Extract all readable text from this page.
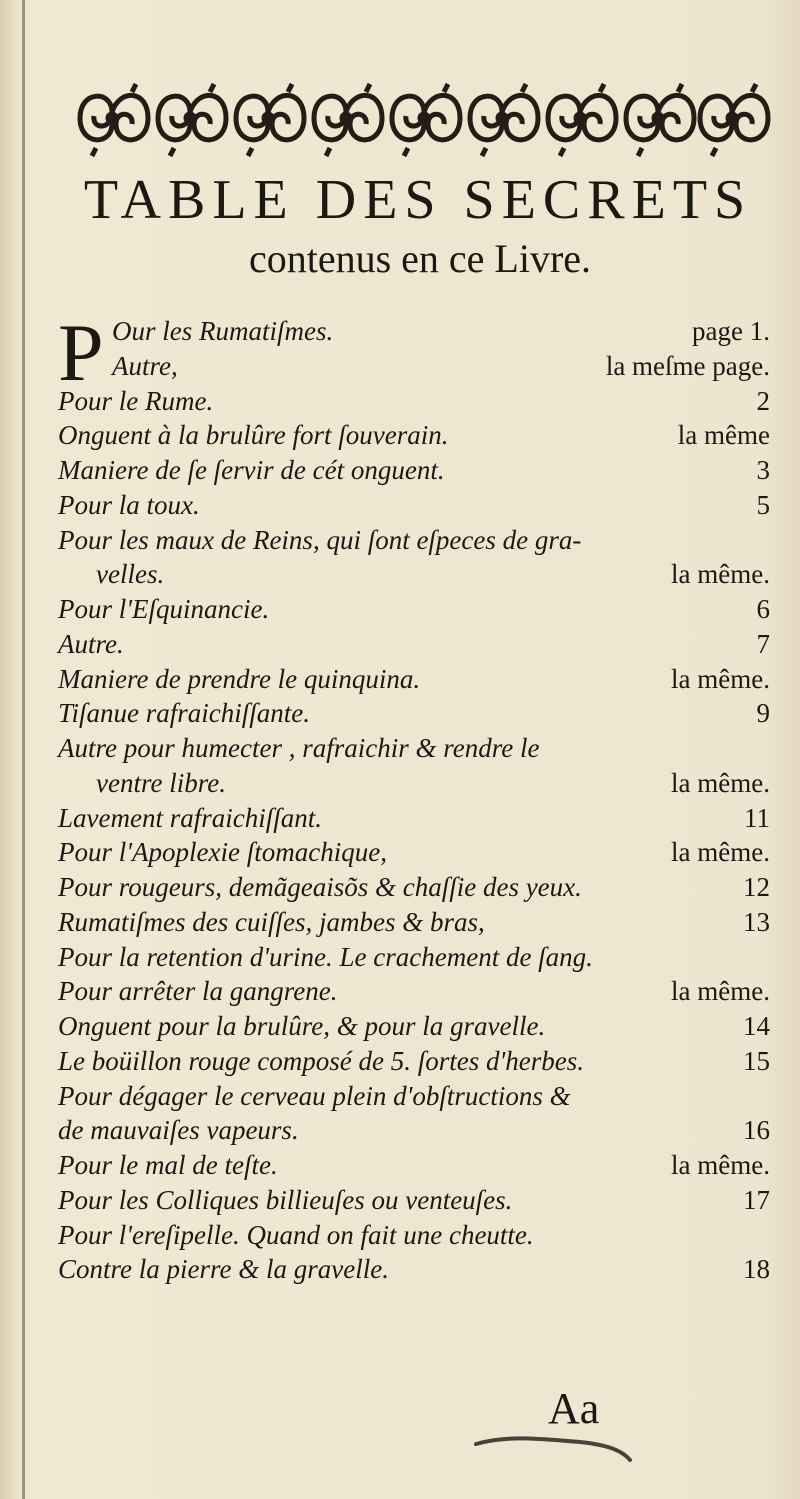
TABLE DES SECRETS
contenus en ce Livre.
P Our les Rumatiſmes.	page 1.
Autre,	la meſme page.
Pour le Rume.	2
Onguent à la brulûre fort ſouverain.	la même
Maniere de ſe ſervir de cét onguent.	3
Pour la toux.	5
Pour les maux de Reins, qui ſont eſpeces de gra-
velles.	la même.
Pour l'Eſquinancie.	6
Autre.	7
Maniere de prendre le quinquina.	la même.
Tiſanue rafraichiſſante.	9
Autre pour humecter , rafraichir & rendre le
ventre libre.	la même.
Lavement rafraichiſſant.	11
Pour l'Apoplexie ſtomachique,	la même.
Pour rougeurs, demãgeaisõs & chaſſie des yeux.	12
Rumatiſmes des cuiſſes, jambes & bras,	13
Pour la retention d'urine. Le crachement de ſang.
Pour arrêter la gangrene.	la même.
Onguent pour la brulûre, & pour la gravelle.	14
Le boüillon rouge composé de 5. ſortes d'herbes.	15
Pour dégager le cerveau plein d'obſtructions &
de mauvaiſes vapeurs.	16
Pour le mal de teſte.	la même.
Pour les Colliques billieuſes ou venteuſes.	17
Pour l'ereſipelle. Quand on fait une cheutte.
Contre la pierre & la gravelle.	18
Aa
